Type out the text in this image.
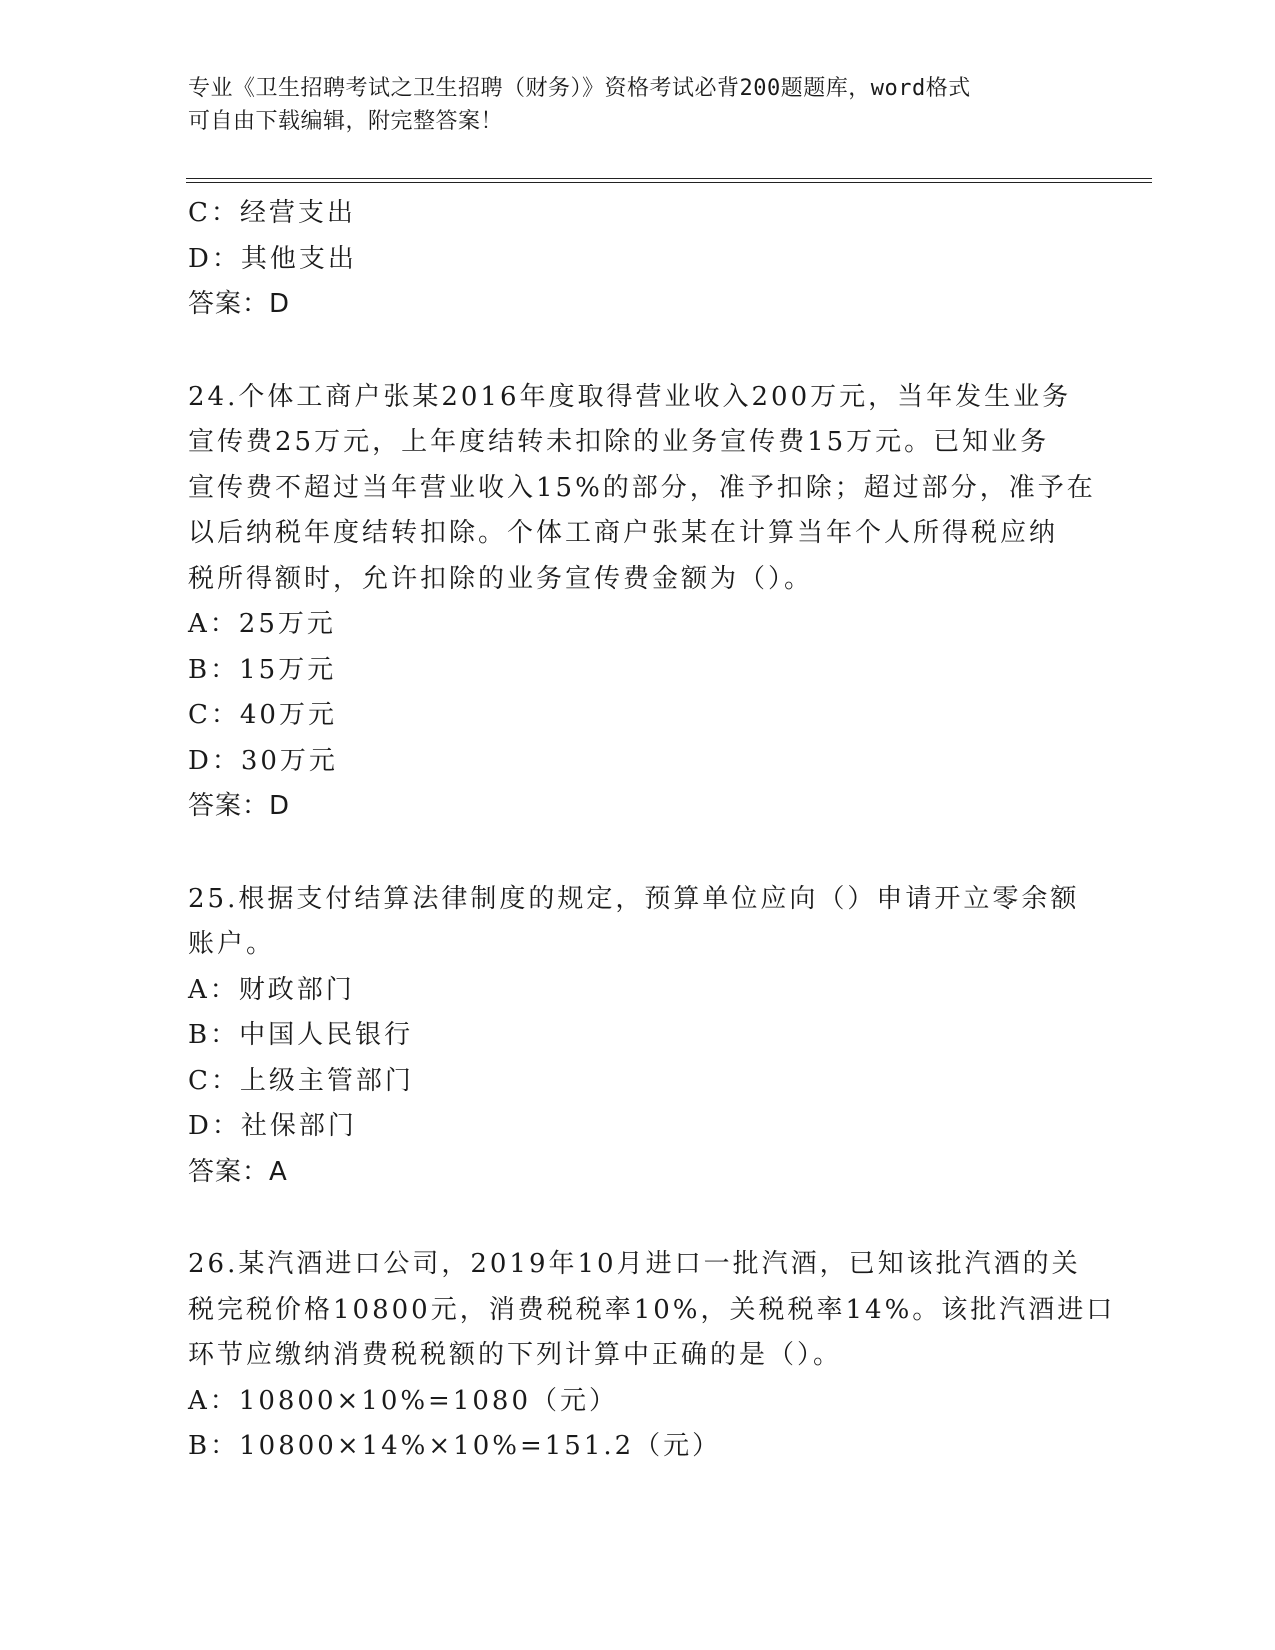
专业《卫生招聘考试之卫生招聘（财务）》资格考试必背200题题库，word格式
可自由下载编辑，附完整答案！
C：经营支出
D：其他支出
答案：D
24.个体工商户张某2016年度取得营业收入200万元，当年发生业务
宣传费25万元，上年度结转未扣除的业务宣传费15万元。已知业务
宣传费不超过当年营业收入15%的部分，准予扣除；超过部分，准予在
以后纳税年度结转扣除。个体工商户张某在计算当年个人所得税应纳
税所得额时，允许扣除的业务宣传费金额为（）。
A：25万元
B：15万元
C：40万元
D：30万元
答案：D
25.根据支付结算法律制度的规定，预算单位应向（）申请开立零余额
账户。
A：财政部门
B：中国人民银行
C：上级主管部门
D：社保部门
答案：A
26.某汽酒进口公司，2019年10月进口一批汽酒，已知该批汽酒的关
税完税价格10800元，消费税税率10%，关税税率14%。该批汽酒进口
环节应缴纳消费税税额的下列计算中正确的是（）。
A：10800×10%=1080（元）
B：10800×14%×10%=151.2（元）
